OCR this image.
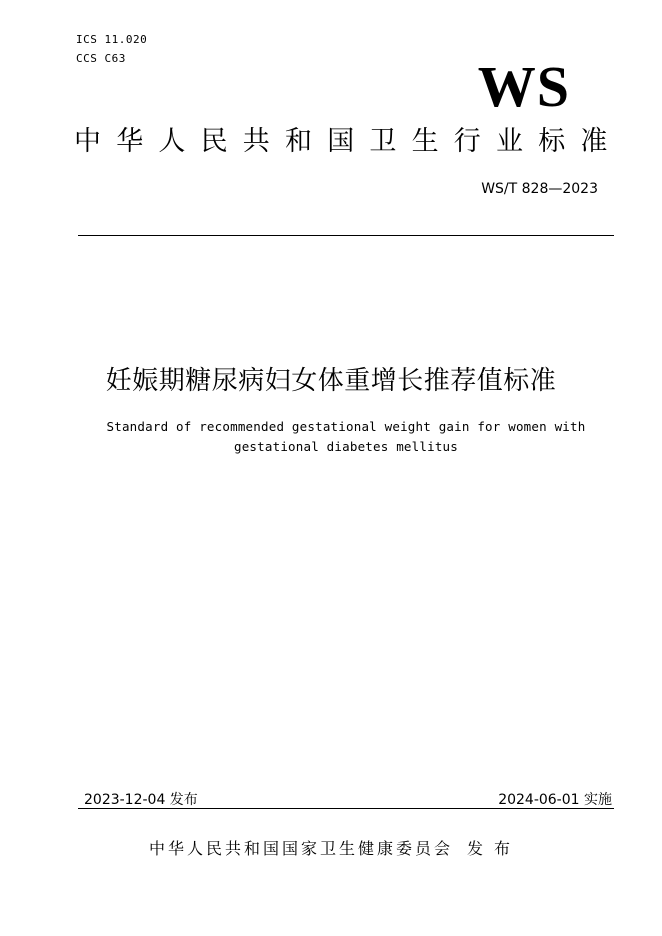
ICS 11.020
CCS C63	WS
中华人民共和国卫生行业标准
WS/T 828—2023
妊娠期糖尿病妇女体重增长推荐值标准
Standard of recommended gestational weight gain for women with
gestational diabetes mellitus
2023-12-04 发布	2024-06-01 实施
中华人民共和国国家卫生健康委员会 发 布
